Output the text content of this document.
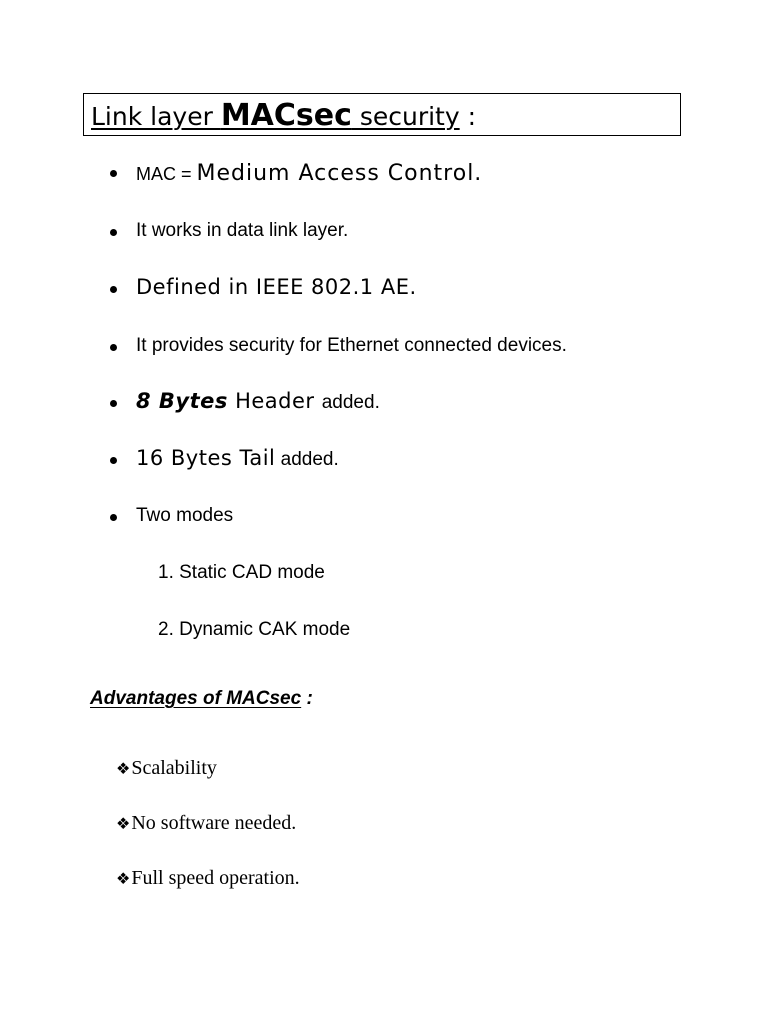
Link layer MACsec security :
MAC = Medium Access Control.
It works in data link layer.
Defined in IEEE 802.1 AE.
It provides security for Ethernet connected devices.
8 Bytes Header added.
16 Bytes Tail added.
Two modes
1. Static CAD mode
2. Dynamic CAK mode
Advantages of MACsec :
❖Scalability
❖No software needed.
❖Full speed operation.
